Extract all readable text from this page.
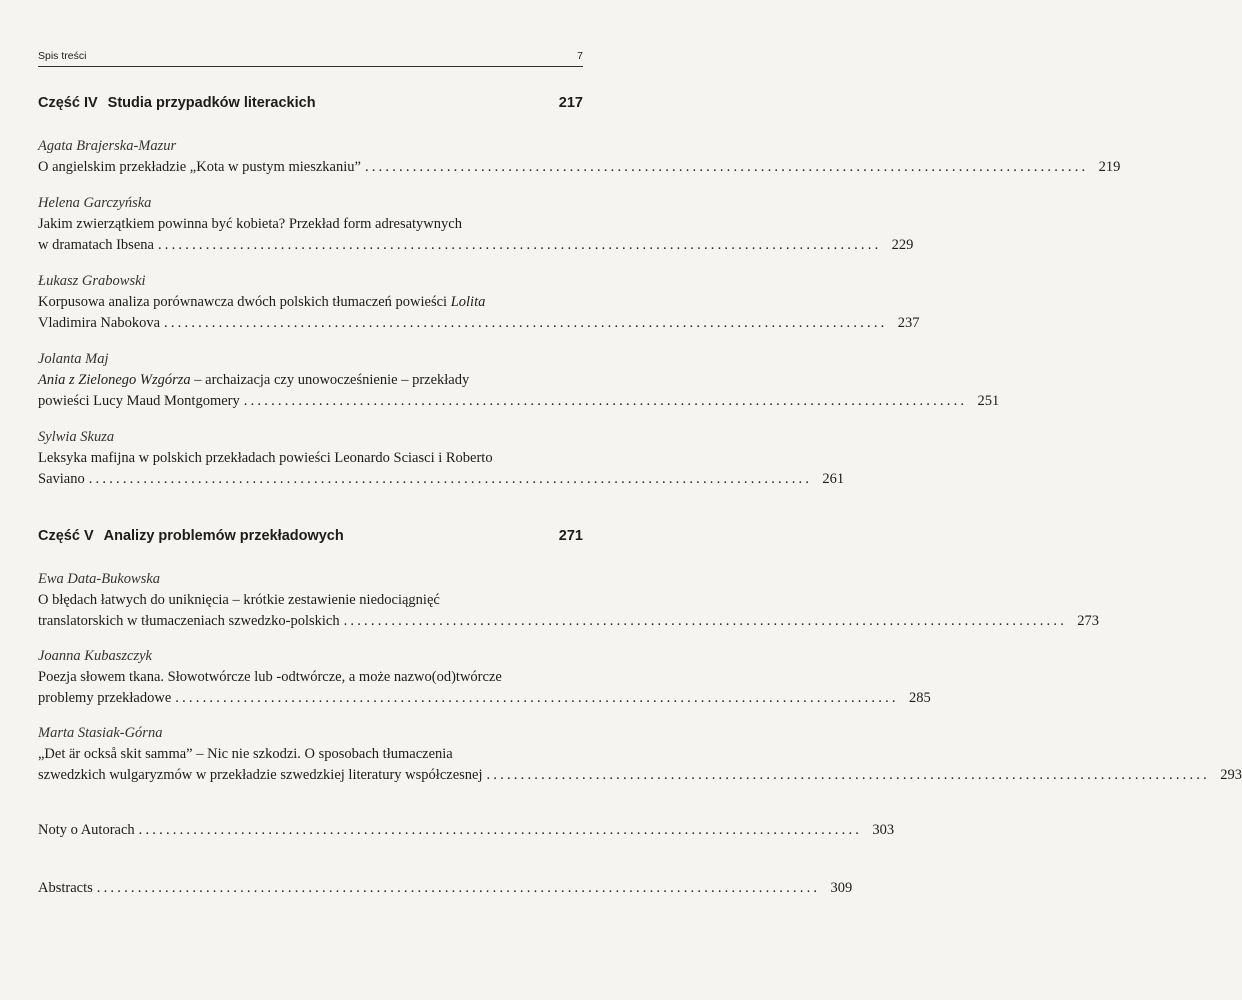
Spis treści	7
Część IV Studia przypadków literackich	217
Agata Brajerska-Mazur
O angielskim przekładzie „Kota w pustym mieszkaniu” .......................................................................................................... 219
Helena Garczyńska
Jakim zwierzątkiem powinna być kobieta? Przekład form adresatywnych
w dramatach Ibsena .......................................................................................................... 229
Łukasz Grabowski
Korpusowa analiza porównawcza dwóch polskich tłumaczeń powieści Lolita
Vladimira Nabokova .......................................................................................................... 237
Jolanta Maj
Ania z Zielonego Wzgórza – archaizacja czy unowocześnienie – przekłady
powieści Lucy Maud Montgomery .......................................................................................................... 251
Sylwia Skuza
Leksyka mafijna w polskich przekładach powieści Leonardo Sciasci i Roberto
Saviano .......................................................................................................... 261
Część V Analizy problemów przekładowych	271
Ewa Data-Bukowska
O błędach łatwych do uniknięcia – krótkie zestawienie niedociągnięć
translatorskich w tłumaczeniach szwedzko-polskich .......................................................................................................... 273
Joanna Kubaszczyk
Poezja słowem tkana. Słowotwórcze lub -odtwórcze, a może nazwo(od)twórcze
problemy przekładowe .......................................................................................................... 285
Marta Stasiak-Górna
„Det är också skit samma” – Nic nie szkodzi. O sposobach tłumaczenia
szwedzkich wulgaryzmów w przekładzie szwedzkiej literatury współczesnej .......................................................................................................... 293
Noty o Autorach .......................................................................................................... 303
Abstracts .......................................................................................................... 309
